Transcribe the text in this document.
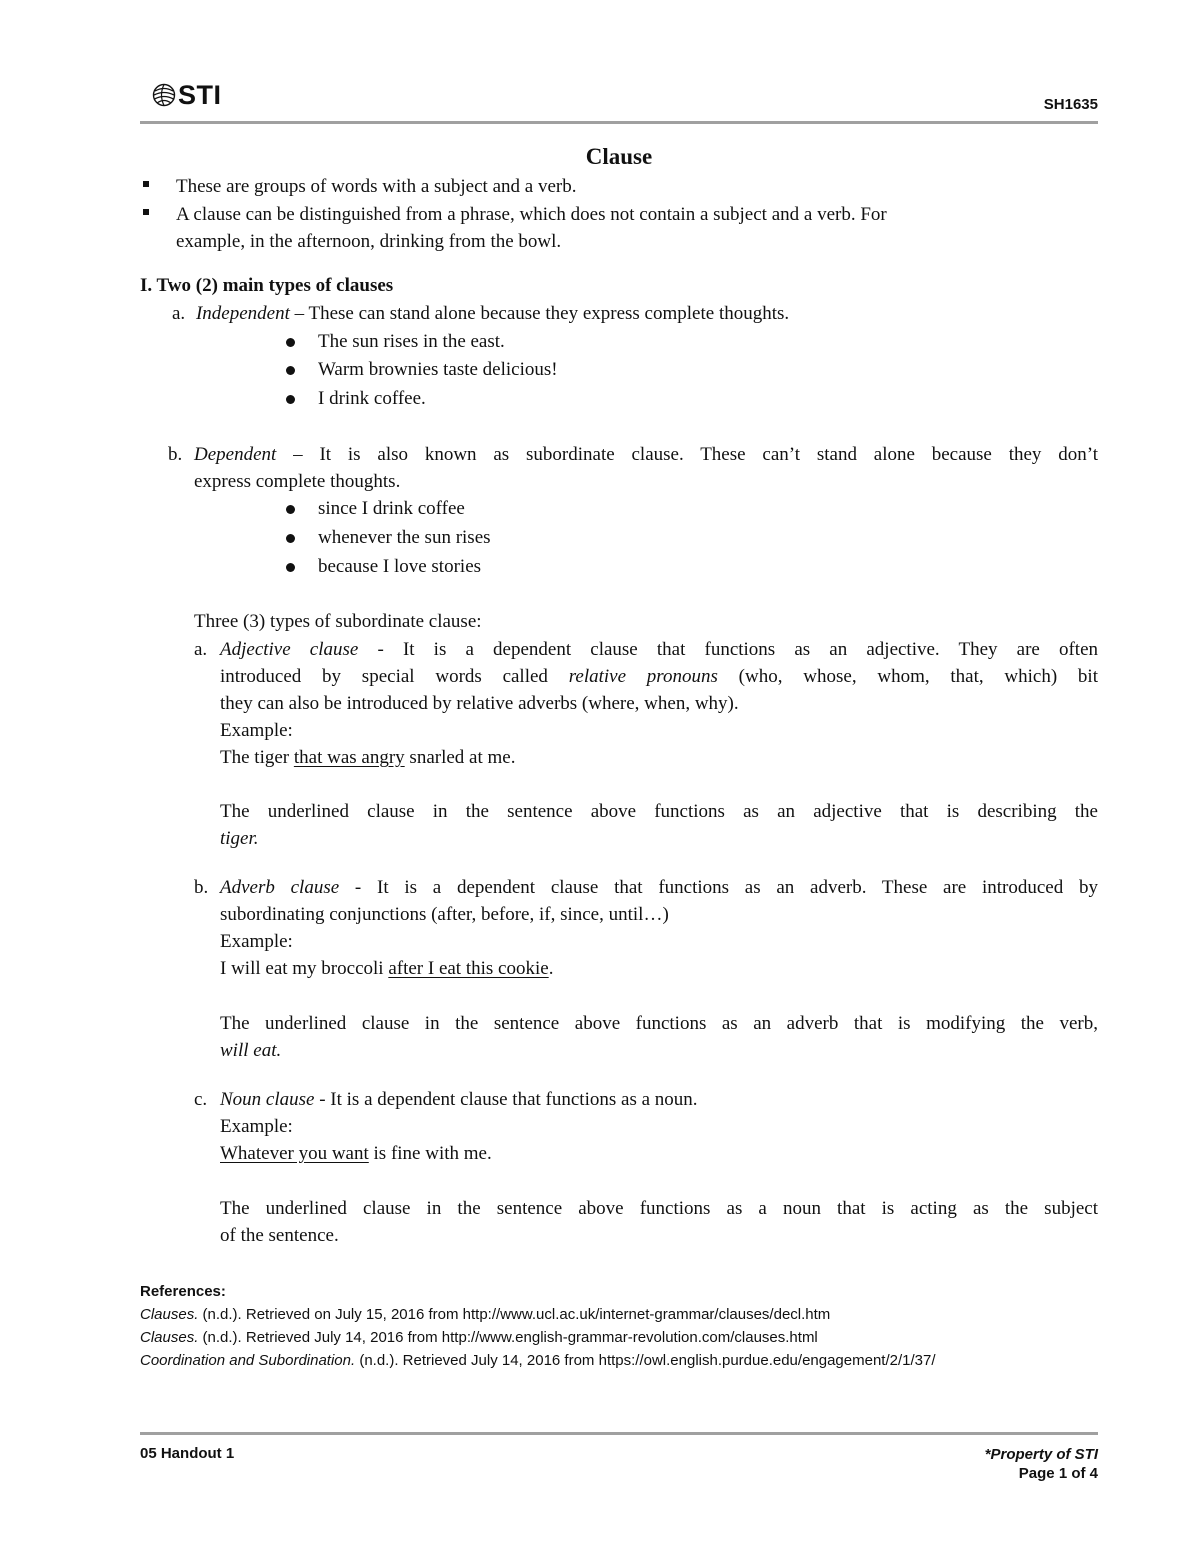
STI	SH1635
Clause
These are groups of words with a subject and a verb.
A clause can be distinguished from a phrase, which does not contain a subject and a verb. For
example, in the afternoon, drinking from the bowl.
I. Two (2) main types of clauses
a. Independent – These can stand alone because they express complete thoughts.
The sun rises in the east.
Warm brownies taste delicious!
I drink coffee.
b. Dependent – It is also known as subordinate clause. These can’t stand alone because they don’t
express complete thoughts.
since I drink coffee
whenever the sun rises
because I love stories
Three (3) types of subordinate clause:
a. Adjective clause - It is a dependent clause that functions as an adjective. They are often
introduced by special words called relative pronouns (who, whose, whom, that, which) bit
they can also be introduced by relative adverbs (where, when, why).
Example:
The tiger that was angry snarled at me.
The underlined clause in the sentence above functions as an adjective that is describing the
tiger.
b. Adverb clause - It is a dependent clause that functions as an adverb. These are introduced by
subordinating conjunctions (after, before, if, since, until…)
Example:
I will eat my broccoli after I eat this cookie.
The underlined clause in the sentence above functions as an adverb that is modifying the verb,
will eat.
c. Noun clause - It is a dependent clause that functions as a noun.
Example:
Whatever you want is fine with me.
The underlined clause in the sentence above functions as a noun that is acting as the subject
of the sentence.
References:
Clauses. (n.d.). Retrieved on July 15, 2016 from http://www.ucl.ac.uk/internet-grammar/clauses/decl.htm
Clauses. (n.d.). Retrieved July 14, 2016 from http://www.english-grammar-revolution.com/clauses.html
Coordination and Subordination. (n.d.). Retrieved July 14, 2016 from https://owl.english.purdue.edu/engagement/2/1/37/
05 Handout 1	*Property of STI
Page 1 of 4
